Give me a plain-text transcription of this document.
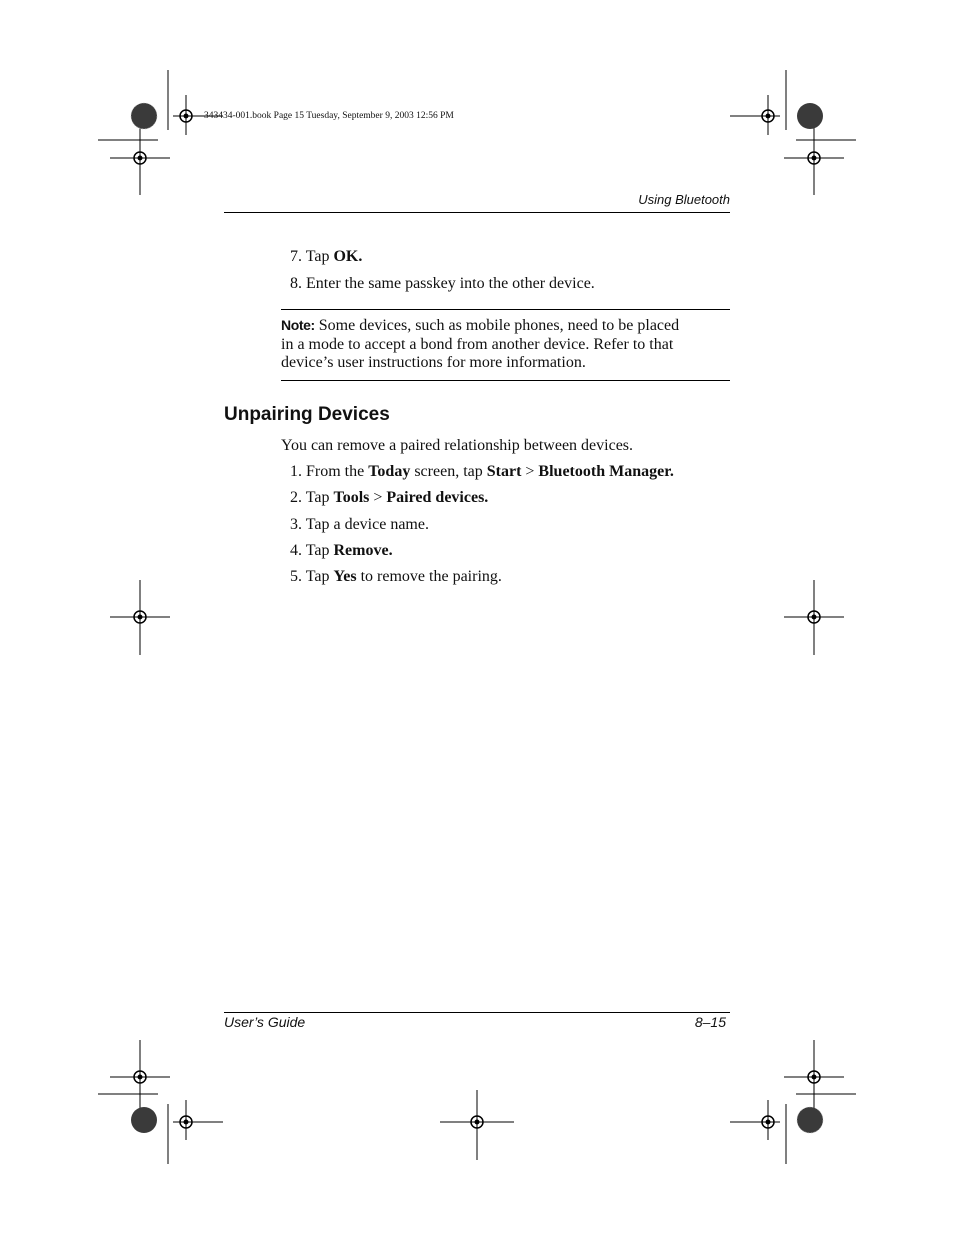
343434-001.book Page 15 Tuesday, September 9, 2003 12:56 PM
Using Bluetooth
7. Tap OK.
8. Enter the same passkey into the other device.
Note: Some devices, such as mobile phones, need to be placed
in a mode to accept a bond from another device. Refer to that
device’s user instructions for more information.
Unpairing Devices
You can remove a paired relationship between devices.
1. From the Today screen, tap Start > Bluetooth Manager.
2. Tap Tools > Paired devices.
3. Tap a device name.
4. Tap Remove.
5. Tap Yes to remove the pairing.
User’s Guide	8–15
